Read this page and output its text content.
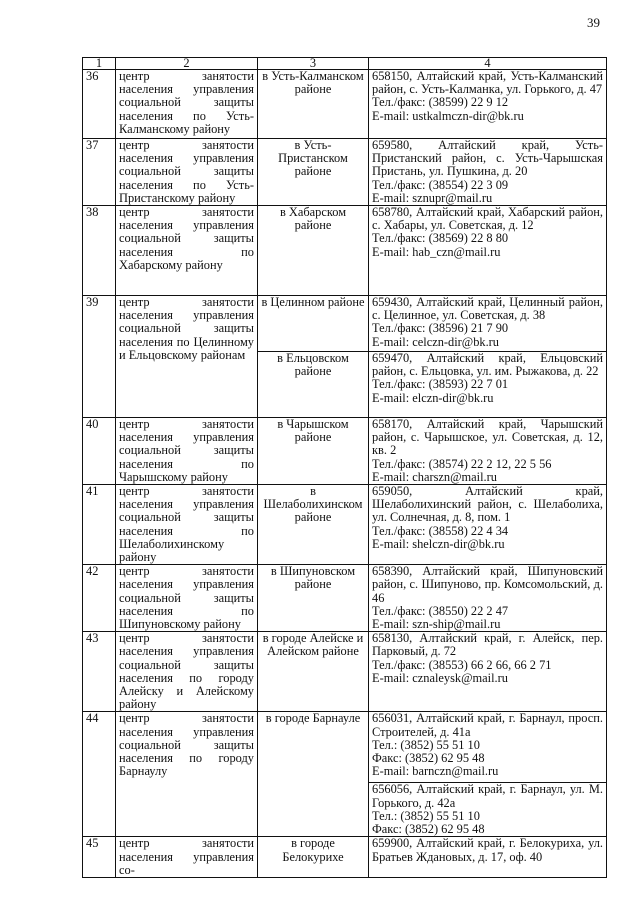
39
1	2	3	4
36	центр занятости населения управления социальной защиты населения по Усть-Калманскому району	в Усть-Калманском районе	658150, Алтайский край, Усть-Калманский район, с. Усть-Калманка, ул. Горького, д. 47
Тел./факс: (38599) 22 9 12
E-mail: ustkalmczn-dir@bk.ru

37	центр занятости населения управления социальной защиты населения по Усть-Пристанскому району	в Усть-Пристанском районе	659580, Алтайский край, Усть-Пристанский район, с. Усть-Чарышская Пристань, ул. Пушкина, д. 20
Тел./факс: (38554) 22 3 09
E-mail: sznupr@mail.ru

38	центр занятости населения управления социальной защиты населения по Хабарскому району	в Хабарском районе	658780, Алтайский край, Хабарский район, с. Хабары, ул. Советская, д. 12
Тел./факс: (38569) 22 8 80
E-mail: hab_czn@mail.ru

39	центр занятости населения управления социальной защиты населения по Целинному и Ельцовскому районам	в Целинном районе	659430, Алтайский край, Целинный район, с. Целинное, ул. Советская, д. 38
Тел./факс: (38596) 21 7 90
E-mail: celczn-dir@bk.ru

		в Ельцовском районе	659470, Алтайский край, Ельцовский район, с. Ельцовка, ул. им. Рыжакова, д. 22
Тел./факс: (38593) 22 7 01
E-mail: elczn-dir@bk.ru

40	центр занятости населения управления социальной защиты населения по Чарышскому району	в Чарышском районе	658170, Алтайский край, Чарышский район, с. Чарышское, ул. Советская, д. 12, кв. 2
Тел./факс: (38574) 22 2 12, 22 5 56
E-mail: charszn@mail.ru

41	центр занятости населения управления социальной защиты населения по Шелаболихинскому району	в Шелаболихинском районе	659050, Алтайский край, Шелаболихинский район, с. Шелаболиха, ул. Солнечная, д. 8, пом. 1
Тел./факс: (38558) 22 4 34
E-mail: shelczn-dir@bk.ru

42	центр занятости населения управления социальной защиты населения по Шипуновскому району	в Шипуновском районе	658390, Алтайский край, Шипуновский район, с. Шипуново, пр. Комсомольский, д. 46
Тел./факс: (38550) 22 2 47
E-mail: szn-ship@mail.ru

43	центр занятости населения управления социальной защиты населения по городу Алейску и Алейскому району	в городе Алейске и Алейском районе	658130, Алтайский край, г. Алейск, пер. Парковый, д. 72
Тел./факс: (38553) 66 2 66, 66 2 71
E-mail: cznaleysk@mail.ru

44	центр занятости населения управления социальной защиты населения по городу Барнаулу	в городе Барнауле	656031, Алтайский край, г. Барнаул, просп. Строителей, д. 41а
Тел.: (3852) 55 51 10
Факс: (3852) 62 95 48
E-mail: barnczn@mail.ru

			656056, Алтайский край, г. Барнаул, ул. М. Горького, д. 42а
Тел.: (3852) 55 51 10
Факс: (3852) 62 95 48

45	центр занятости населения управления со-	в городе Белокурихе	659900, Алтайский край, г. Белокуриха, ул. Братьев Ждановых, д. 17, оф. 40
